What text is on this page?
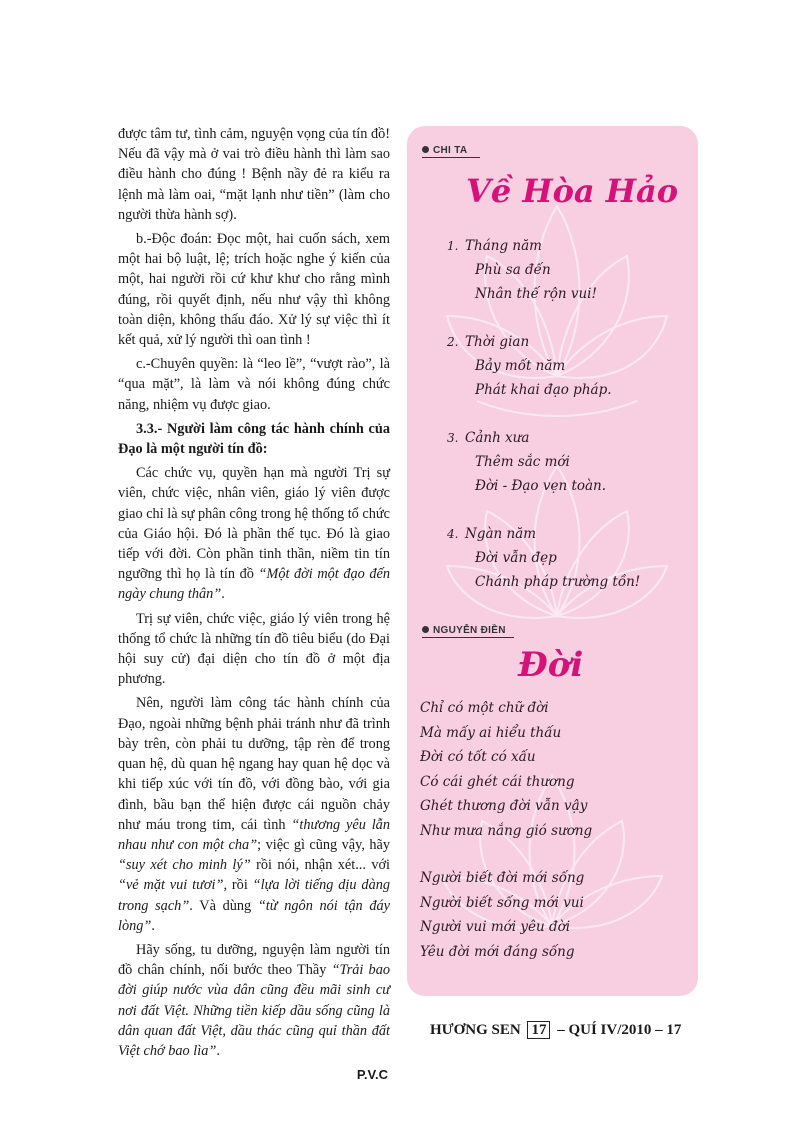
được tâm tư, tình cảm, nguyện vọng của tín đồ! Nếu đã vậy mà ở vai trò điều hành thì làm sao điều hành cho đúng ! Bệnh nầy đẻ ra kiểu ra lệnh mà làm oai, “mặt lạnh như tiền” (làm cho người thừa hành sợ).

b.-Độc đoán: Đọc một, hai cuốn sách, xem một hai bộ luật, lệ; trích hoặc nghe ý kiến của một, hai người rồi cứ khư khư cho rằng mình đúng, rồi quyết định, nếu như vậy thì không toàn diện, không thấu đáo. Xử lý sự việc thì ít kết quả, xử lý người thì oan tình !

c.-Chuyên quyền: là “leo lề”, “vượt rào”, là “qua mặt”, là làm và nói không đúng chức năng, nhiệm vụ được giao.

3.3.- Người làm công tác hành chính của Đạo là một người tín đồ:

Các chức vụ, quyền hạn mà người Trị sự viên, chức việc, nhân viên, giáo lý viên được giao chỉ là sự phân công trong hệ thống tổ chức của Giáo hội. Đó là phần thế tục. Đó là giao tiếp với đời. Còn phần tinh thần, niềm tin tín ngưỡng thì họ là tín đồ “Một đời một đạo đến ngày chung thân”.

Trị sự viên, chức việc, giáo lý viên trong hệ thống tổ chức là những tín đồ tiêu biểu (do Đại hội suy cử) đại diện cho tín đồ ở một địa phương.

Nên, người làm công tác hành chính của Đạo, ngoài những bệnh phải tránh như đã trình bày trên, còn phải tu dưỡng, tập rèn để trong quan hệ, dù quan hệ ngang hay quan hệ dọc và khi tiếp xúc với tín đồ, với đồng bào, với gia đình, bầu bạn thể hiện được cái nguồn chảy như máu trong tim, cái tình “thương yêu lẫn nhau như con một cha”; việc gì cũng vậy, hãy “suy xét cho minh lý” rồi nói, nhận xét... với “vẻ mặt vui tươi”, rồi “lựa lời tiếng dịu dàng trong sạch”. Và dùng “từ ngôn nói tận đáy lòng”.

Hãy sống, tu dưỡng, nguyện làm người tín đồ chân chính, nối bước theo Thầy “Trải bao đời giúp nước vùa dân cũng đều mãi sinh cư nơi đất Việt. Những tiền kiếp dầu sống cũng là dân quan đất Việt, dầu thác cũng quỉ thần đất Việt chớ bao lìa”.

P.V.C
CHI TA
Về Hòa Hảo
1. Tháng năm
Phù sa đến
Nhân thế rộn vui!
2. Thời gian
Bảy mốt năm
Phát khai đạo pháp.
3. Cảnh xưa
Thêm sắc mới
Đời - Đạo vẹn toàn.
4. Ngàn năm
Đời vẫn đẹp
Chánh pháp trường tồn!
NGUYỄN ĐIỀN
Đời
Chỉ có một chữ đời
Mà mấy ai hiểu thấu
Đời có tốt có xấu
Có cái ghét cái thương
Ghét thương đời vẫn vậy
Như mưa nắng gió sương
Người biết đời mới sống
Người biết sống mới vui
Người vui mới yêu đời
Yêu đời mới đáng sống
HƯƠNG SEN 17 – QUÍ IV/2010 – 17
